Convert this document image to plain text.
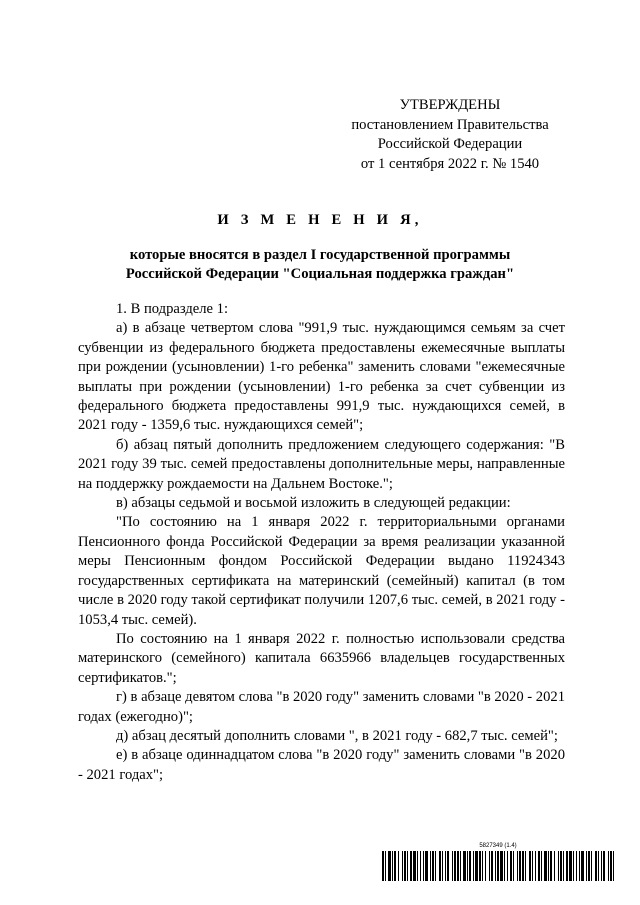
УТВЕРЖДЕНЫ
постановлением Правительства
Российской Федерации
от 1 сентября 2022 г. № 1540
И З М Е Н Е Н И Я,
которые вносятся в раздел I государственной программы
Российской Федерации "Социальная поддержка граждан"

1. В подразделе 1:

а) в абзаце четвертом слова "991,9 тыс. нуждающимся семьям за счет субвенции из федерального бюджета предоставлены ежемесячные выплаты при рождении (усыновлении) 1-го ребенка" заменить словами "ежемесячные выплаты при рождении (усыновлении) 1-го ребенка за счет субвенции из федерального бюджета предоставлены 991,9 тыс. нуждающихся семей, в 2021 году - 1359,6 тыс. нуждающихся семей";

б) абзац пятый дополнить предложением следующего содержания: "В 2021 году 39 тыс. семей предоставлены дополнительные меры, направленные на поддержку рождаемости на Дальнем Востоке.";

в) абзацы седьмой и восьмой изложить в следующей редакции:

"По состоянию на 1 января 2022 г. территориальными органами Пенсионного фонда Российской Федерации за время реализации указанной меры Пенсионным фондом Российской Федерации выдано 11924343 государственных сертификата на материнский (семейный) капитал (в том числе в 2020 году такой сертификат получили 1207,6 тыс. семей, в 2021 году - 1053,4 тыс. семей).

По состоянию на 1 января 2022 г. полностью использовали средства материнского (семейного) капитала 6635966 владельцев государственных сертификатов.";

г) в абзаце девятом слова "в 2020 году" заменить словами "в 2020 - 2021 годах (ежегодно)";

д) абзац десятый дополнить словами ", в 2021 году - 682,7 тыс. семей";

е) в абзаце одиннадцатом слова "в 2020 году" заменить словами "в 2020 - 2021 годах";

5827349 (1.4)
